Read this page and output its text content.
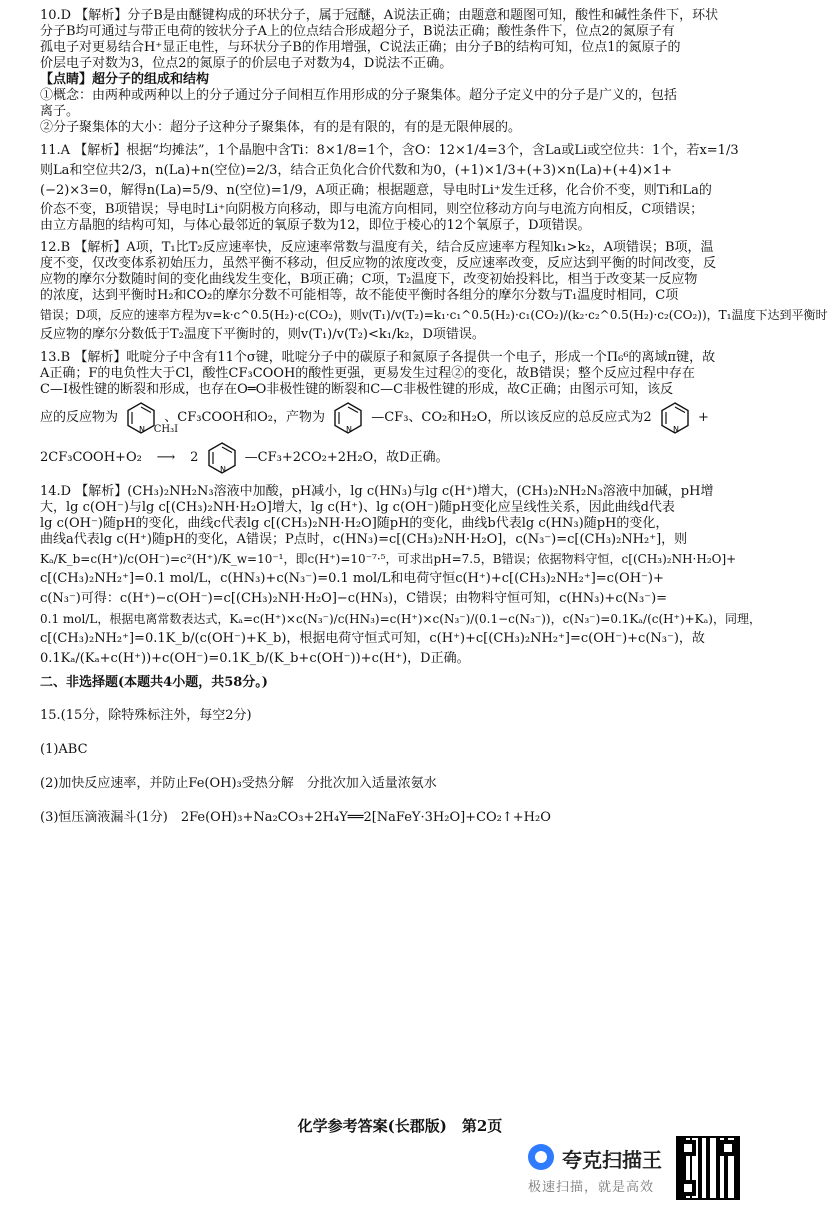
10.D 【解析】分子B是由醚键构成的环状分子，属于冠醚，A说法正确；由题意和题图可知，酸性和碱性条件下，环状

分子B均可通过与带正电荷的铵状分子A上的位点结合形成超分子，B说法正确；酸性条件下，位点2的氮原子有

孤电子对更易结合H⁺显正电性，与环状分子B的作用增强，C说法正确；由分子B的结构可知，位点1的氮原子的

价层电子对数为3，位点2的氮原子的价层电子对数为4，D说法不正确。

【点睛】超分子的组成和结构

①概念：由两种或两种以上的分子通过分子间相互作用形成的分子聚集体。超分子定义中的分子是广义的，包括

离子。

②分子聚集体的大小：超分子这种分子聚集体，有的是有限的，有的是无限伸展的。

11.A 【解析】根据“均摊法”，1个晶胞中含Ti：8×1/8=1个，含O：12×1/4=3个，含La或Li或空位共：1个，若x=1/3

则La和空位共2/3，n(La)+n(空位)=2/3，结合正负化合价代数和为0，(+1)×1/3+(+3)×n(La)+(+4)×1+

(−2)×3=0，解得n(La)=5/9、n(空位)=1/9，A项正确；根据题意，导电时Li⁺发生迁移，化合价不变，则Ti和La的

价态不变，B项错误；导电时Li⁺向阴极方向移动，即与电流方向相同，则空位移动方向与电流方向相反，C项错误；

由立方晶胞的结构可知，与体心最邻近的氧原子数为12，即位于棱心的12个氧原子，D项错误。

12.B 【解析】A项，T₁比T₂反应速率快，反应速率常数与温度有关，结合反应速率方程知k₁>k₂，A项错误；B项，温

度不变，仅改变体系初始压力，虽然平衡不移动，但反应物的浓度改变，反应速率改变，反应达到平衡的时间改变，反

应物的摩尔分数随时间的变化曲线发生变化，B项正确；C项，T₂温度下，改变初始投料比，相当于改变某一反应物

的浓度，达到平衡时H₂和CO₂的摩尔分数不可能相等，故不能使平衡时各组分的摩尔分数与T₁温度时相同，C项

错误；D项，反应的速率方程为v=k·c^0.5(H₂)·c(CO₂)，则v(T₁)/v(T₂)=k₁·c₁^0.5(H₂)·c₁(CO₂)/(k₂·c₂^0.5(H₂)·c₂(CO₂))，T₁温度下达到平衡时

反应物的摩尔分数低于T₂温度下平衡时的，则v(T₁)/v(T₂)<k₁/k₂，D项错误。

13.B 【解析】吡啶分子中含有11个σ键，吡啶分子中的碳原子和氮原子各提供一个电子，形成一个Π₆⁶的离域π键，故

A正确；F的电负性大于Cl，酸性CF₃COOH的酸性更强，更易发生过程②的变化，故B错误；整个反应过程中存在

C—I极性键的断裂和形成，也存在O═O非极性键的断裂和C—C非极性键的形成，故C正确；由图示可知，该反

应的反应物为
N
、CF₃COOH和O₂，产物为
N
—CF₃、CO₂和H₂O，所以该反应的总反应式为2
N
+
2CF₃COOH+O₂
CH₃I
⟶ 2
N
—CF₃+2CO₂+2H₂O，故D正确。

14.D 【解析】(CH₃)₂NH₂N₃溶液中加酸，pH减小，lg c(HN₃)与lg c(H⁺)增大，(CH₃)₂NH₂N₃溶液中加碱，pH增

大，lg c(OH⁻)与lg c[(CH₃)₂NH·H₂O]增大，lg c(H⁺)、lg c(OH⁻)随pH变化应呈线性关系，因此曲线d代表

lg c(OH⁻)随pH的变化，曲线c代表lg c[(CH₃)₂NH·H₂O]随pH的变化，曲线b代表lg c(HN₃)随pH的变化，

曲线a代表lg c(H⁺)随pH的变化，A错误；P点时，c(HN₃)=c[(CH₃)₂NH·H₂O]，c(N₃⁻)=c[(CH₃)₂NH₂⁺]，则

Kₐ/K_b=c(H⁺)/c(OH⁻)=c²(H⁺)/K_w=10⁻¹，即c(H⁺)=10⁻⁷·⁵，可求出pH=7.5，B错误；依据物料守恒，c[(CH₃)₂NH·H₂O]+

c[(CH₃)₂NH₂⁺]=0.1 mol/L，c(HN₃)+c(N₃⁻)=0.1 mol/L和电荷守恒c(H⁺)+c[(CH₃)₂NH₂⁺]=c(OH⁻)+

c(N₃⁻)可得：c(H⁺)−c(OH⁻)=c[(CH₃)₂NH·H₂O]−c(HN₃)，C错误；由物料守恒可知，c(HN₃)+c(N₃⁻)=

0.1 mol/L，根据电离常数表达式，Kₐ=c(H⁺)×c(N₃⁻)/c(HN₃)=c(H⁺)×c(N₃⁻)/(0.1−c(N₃⁻))，c(N₃⁻)=0.1Kₐ/(c(H⁺)+Kₐ)，同理，

c[(CH₃)₂NH₂⁺]=0.1K_b/(c(OH⁻)+K_b)，根据电荷守恒式可知，c(H⁺)+c[(CH₃)₂NH₂⁺]=c(OH⁻)+c(N₃⁻)，故

0.1Kₐ/(Kₐ+c(H⁺))+c(OH⁻)=0.1K_b/(K_b+c(OH⁻))+c(H⁺)，D正确。

二、非选择题(本题共4小题，共58分。)

15.(15分，除特殊标注外，每空2分)

(1)ABC

(2)加快反应速率，并防止Fe(OH)₃受热分解　分批次加入适量浓氨水

(3)恒压滴液漏斗(1分)　2Fe(OH)₃+Na₂CO₃+2H₄Y══2[NaFeY·3H₂O]+CO₂↑+H₂O

化学参考答案(长郡版)　第2页
夸克扫描王
极速扫描，就是高效
